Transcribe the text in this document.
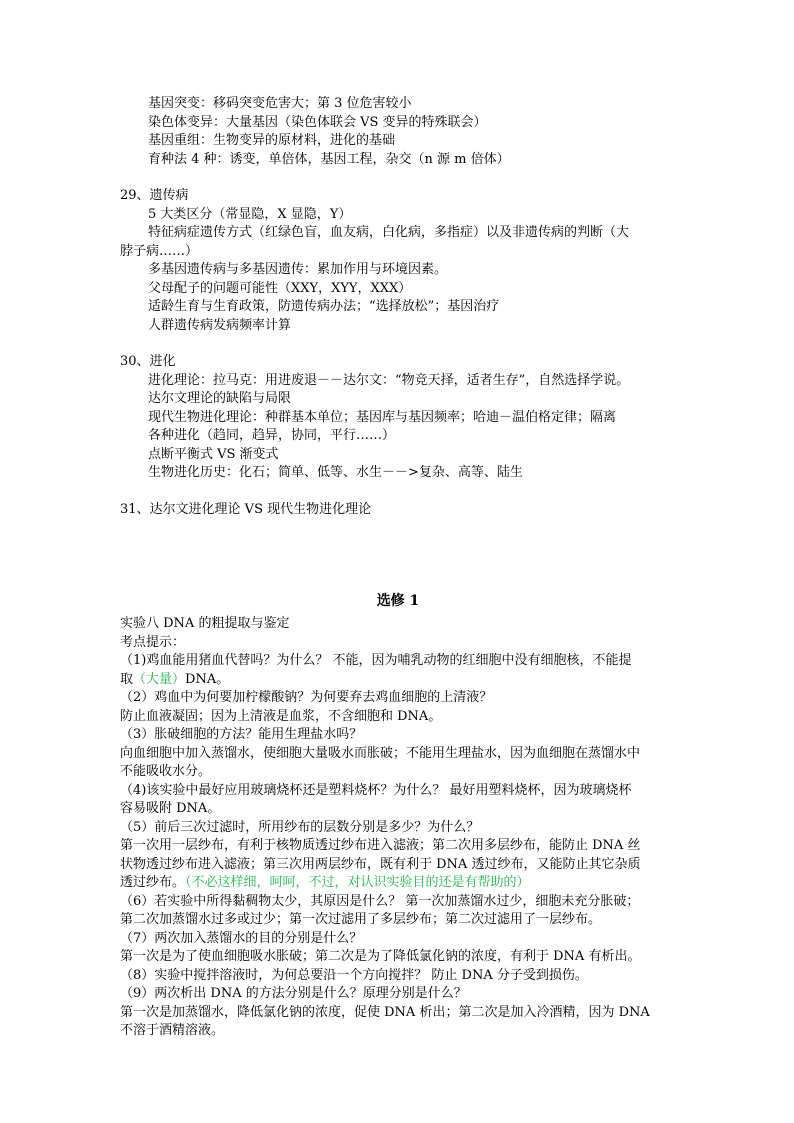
基因突变：移码突变危害大；第 3 位危害较小
染色体变异：大量基因（染色体联会 VS 变异的特殊联会）
基因重组：生物变异的原材料，进化的基础
育种法 4 种：诱变，单倍体，基因工程，杂交（n 源 m 倍体）
29、遗传病
5 大类区分（常显隐，X 显隐，Y）
特征病症遗传方式（红绿色盲，血友病，白化病，多指症）以及非遗传病的判断（大
脖子病……）
多基因遗传病与多基因遗传：累加作用与环境因素。
父母配子的问题可能性（XXY，XYY，XXX）
适龄生育与生育政策，防遗传病办法；“选择放松”；基因治疗
人群遗传病发病频率计算
30、进化
进化理论：拉马克：用进废退－－达尔文：“物竞天择，适者生存”，自然选择学说。
达尔文理论的缺陷与局限
现代生物进化理论：种群基本单位；基因库与基因频率；哈迪－温伯格定律；隔离
各种进化（趋同，趋异，协同，平行……）
点断平衡式 VS 渐变式
生物进化历史：化石；简单、低等、水生－－>复杂、高等、陆生
31、达尔文进化理论 VS 现代生物进化理论
选修 1
实验八 DNA 的粗提取与鉴定
考点提示：
（1)鸡血能用猪血代替吗？为什么？ 不能，因为哺乳动物的红细胞中没有细胞核，不能提
取（大量）DNA。
（2）鸡血中为何要加柠檬酸钠？为何要弃去鸡血细胞的上清液？
防止血液凝固；因为上清液是血浆，不含细胞和 DNA。
（3）胀破细胞的方法？能用生理盐水吗？
向血细胞中加入蒸馏水，使细胞大量吸水而胀破；不能用生理盐水，因为血细胞在蒸馏水中
不能吸收水分。
（4)该实验中最好应用玻璃烧杯还是塑料烧杯？为什么？ 最好用塑料烧杯，因为玻璃烧杯
容易吸附 DNA。
（5）前后三次过滤时，所用纱布的层数分别是多少？为什么？
第一次用一层纱布，有利于核物质透过纱布进入滤液；第二次用多层纱布，能防止 DNA 丝
状物透过纱布进入滤液；第三次用两层纱布，既有利于 DNA 透过纱布，又能防止其它杂质
透过纱布。（不必这样细，呵呵，不过，对认识实验目的还是有帮助的）
（6）若实验中所得黏稠物太少，其原因是什么？ 第一次加蒸馏水过少，细胞未充分胀破；
第二次加蒸馏水过多或过少；第一次过滤用了多层纱布；第二次过滤用了一层纱布。
（7）两次加入蒸馏水的目的分别是什么？
第一次是为了使血细胞吸水胀破；第二次是为了降低氯化钠的浓度，有利于 DNA 有析出。
（8）实验中搅拌溶液时，为何总要沿一个方向搅拌？ 防止 DNA 分子受到损伤。
（9）两次析出 DNA 的方法分别是什么？原理分别是什么？
第一次是加蒸馏水，降低氯化钠的浓度，促使 DNA 析出；第二次是加入冷酒精，因为 DNA
不溶于酒精溶液。
